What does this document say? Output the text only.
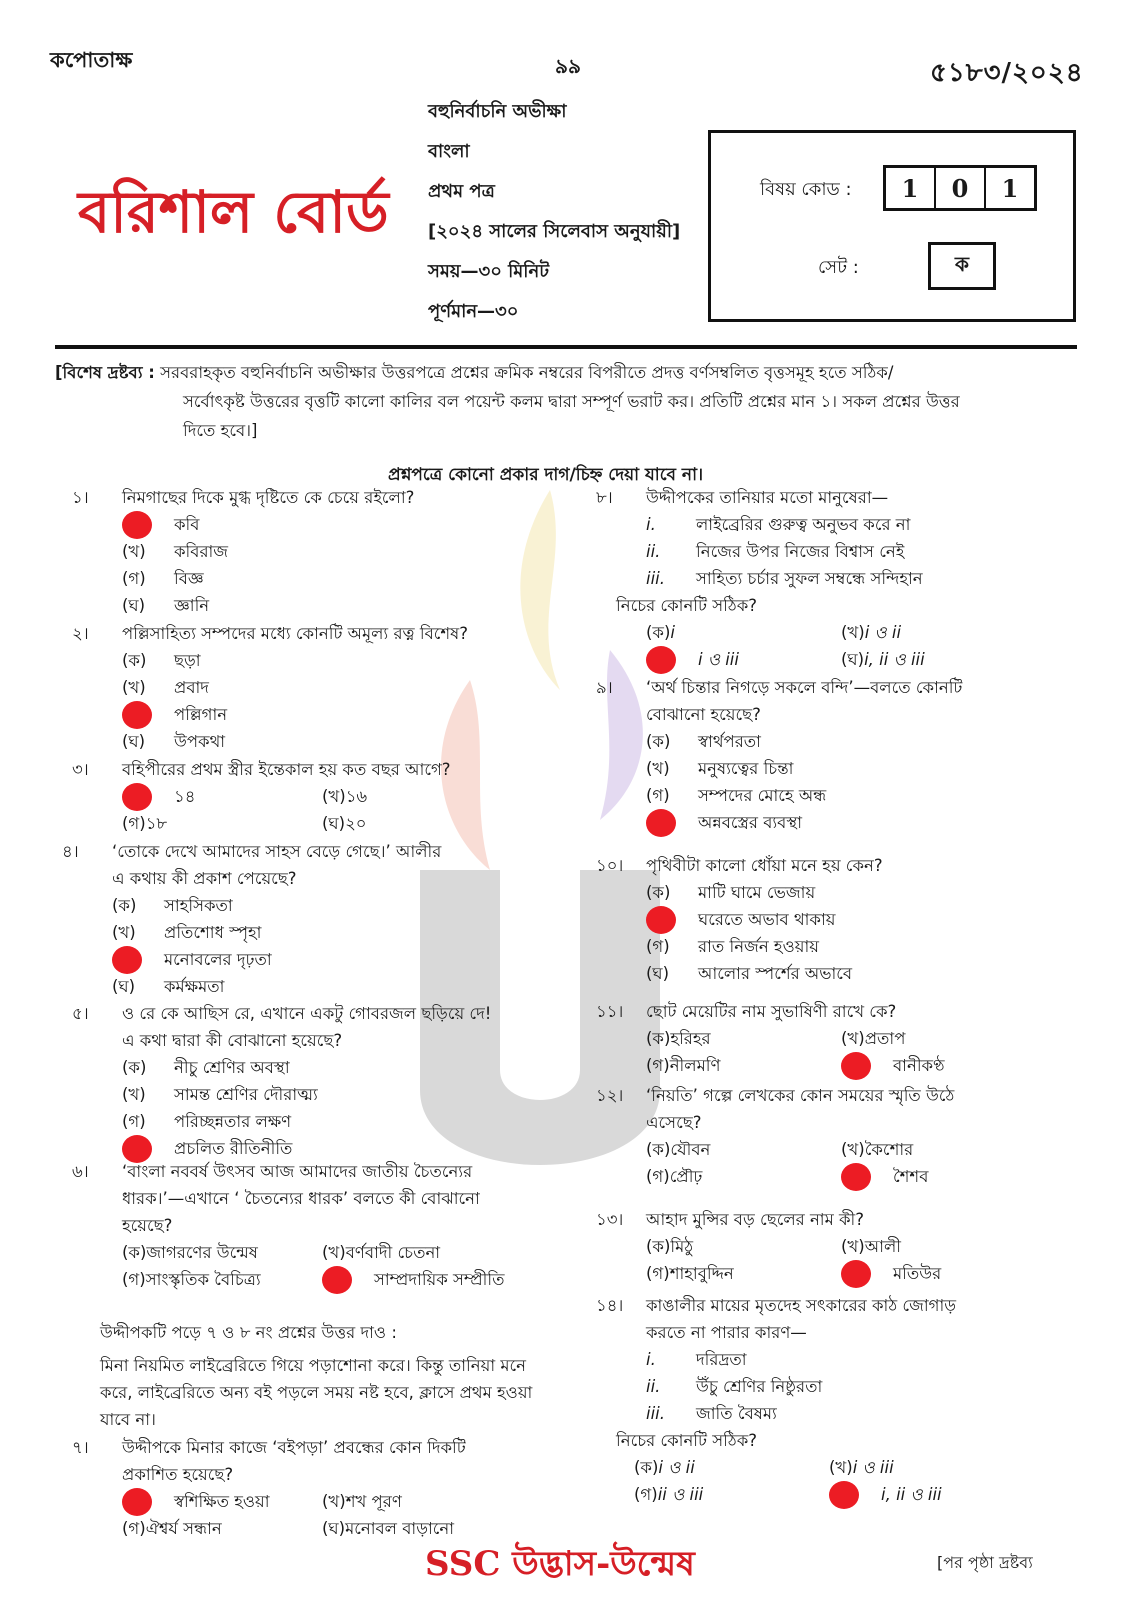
কপোতাক্ষ	৯৯	৫১৮৩/২০২৪
বরিশাল বোর্ড
বহুনির্বাচনি অভীক্ষা
বাংলা
প্রথম পত্র
[২০২৪ সালের সিলেবাস অনুযায়ী]
সময়—৩০ মিনিট
পূর্ণমান—৩০
বিষয় কোড :	1	0	1
সেট :	ক
[বিশেষ দ্রষ্টব্য : সরবরাহকৃত বহুনির্বাচনি অভীক্ষার উত্তরপত্রে প্রশ্নের ক্রমিক নম্বরের বিপরীতে প্রদত্ত বর্ণসম্বলিত বৃত্তসমূহ হতে সঠিক/
সর্বোৎকৃষ্ট উত্তরের বৃত্তটি কালো কালির বল পয়েন্ট কলম দ্বারা সম্পূর্ণ ভরাট কর। প্রতিটি প্রশ্নের মান ১। সকল প্রশ্নের উত্তর
দিতে হবে।]
প্রশ্নপত্রে কোনো প্রকার দাগ/চিহ্ন দেয়া যাবে না।
১। নিমগাছের দিকে মুগ্ধ দৃষ্টিতে কে চেয়ে রইলো?
কবি
(খ)	কবিরাজ
(গ)	বিজ্ঞ
(ঘ)	জ্ঞানি
২। পল্লিসাহিত্য সম্পদের মধ্যে কোনটি অমূল্য রত্ন বিশেষ?
(ক)	ছড়া
(খ)	প্রবাদ
পল্লিগান
(ঘ)	উপকথা
৩। বহিপীরের প্রথম স্ত্রীর ইন্তেকাল হয় কত বছর আগে?
১৪	(খ) ১৬
(গ) ১৮	(ঘ) ২০
৪। ‘তোকে দেখে আমাদের সাহস বেড়ে গেছে।’ আলীর
এ কথায় কী প্রকাশ পেয়েছে?
(ক)	সাহসিকতা
(খ)	প্রতিশোধ স্পৃহা
মনোবলের দৃঢ়তা
(ঘ)	কর্মক্ষমতা
৫। ও রে কে আছিস রে, এখানে একটু গোবরজল ছড়িয়ে দে!
এ কথা দ্বারা কী বোঝানো হয়েছে?
(ক)	নীচু শ্রেণির অবস্থা
(খ)	সামন্ত শ্রেণির দৌরাত্ম্য
(গ)	পরিচ্ছন্নতার লক্ষণ
প্রচলিত রীতিনীতি
৬। ‘বাংলা নববর্ষ উৎসব আজ আমাদের জাতীয় চৈতন্যের
ধারক।’—এখানে ‘ চৈতন্যের ধারক’ বলতে কী বোঝানো
হয়েছে?
(ক) জাগরণের উন্মেষ	(খ) বর্ণবাদী চেতনা
(গ) সাংস্কৃতিক বৈচিত্র্য	সাম্প্রদায়িক সম্প্রীতি
উদ্দীপকটি পড়ে ৭ ও ৮ নং প্রশ্নের উত্তর দাও :
মিনা নিয়মিত লাইব্রেরিতে গিয়ে পড়াশোনা করে। কিন্তু তানিয়া মনে করে, লাইব্রেরিতে অন্য বই পড়লে সময় নষ্ট হবে, ক্লাসে প্রথম হওয়া যাবে না।
৭। উদ্দীপকে মিনার কাজে ‘বইপড়া’ প্রবন্ধের কোন দিকটি
প্রকাশিত হয়েছে?
স্বশিক্ষিত হওয়া	(খ) শখ পূরণ
(গ) ঐশ্বর্য সন্ধান	(ঘ) মনোবল বাড়ানো
৮। উদ্দীপকের তানিয়ার মতো মানুষেরা—
i.	লাইব্রেরির গুরুত্ব অনুভব করে না
ii.	নিজের উপর নিজের বিশ্বাস নেই
iii.	সাহিত্য চর্চার সুফল সম্বন্ধে সন্দিহান
নিচের কোনটি সঠিক?
(ক) i	(খ) i ও ii
i ও iii	(ঘ) i, ii ও iii
৯। ‘অর্থ চিন্তার নিগড়ে সকলে বন্দি’—বলতে কোনটি
বোঝানো হয়েছে?
(ক)	স্বার্থপরতা
(খ)	মনুষ্যত্বের চিন্তা
(গ)	সম্পদের মোহে অন্ধ
অন্নবস্ত্রের ব্যবস্থা
১০। পৃথিবীটা কালো ধোঁয়া মনে হয় কেন?
(ক)	মাটি ঘামে ভেজায়
ঘরেতে অভাব থাকায়
(গ)	রাত নির্জন হওয়ায়
(ঘ)	আলোর স্পর্শের অভাবে
১১। ছোট মেয়েটির নাম সুভাষিণী রাখে কে?
(ক) হরিহর	(খ) প্রতাপ
(গ) নীলমণি	বানীকণ্ঠ
১২। ‘নিয়তি’ গল্পে লেখকের কোন সময়ের স্মৃতি উঠে
এসেছে?
(ক) যৌবন	(খ) কৈশোর
(গ) প্রৌঢ়	শৈশব
১৩। আহাদ মুন্সির বড় ছেলের নাম কী?
(ক) মিঠু	(খ) আলী
(গ) শাহাবুদ্দিন	মতিউর
১৪। কাঙালীর মায়ের মৃতদেহ সৎকারের কাঠ জোগাড়
করতে না পারার কারণ—
i.	দরিদ্রতা
ii.	উঁচু শ্রেণির নিষ্ঠুরতা
iii.	জাতি বৈষম্য
নিচের কোনটি সঠিক?
(ক) i ও ii	(খ) i ও iii
(গ) ii ও iii	i, ii ও iii
SSC উদ্ভাস-উন্মেষ	[পর পৃষ্ঠা দ্রষ্টব্য
